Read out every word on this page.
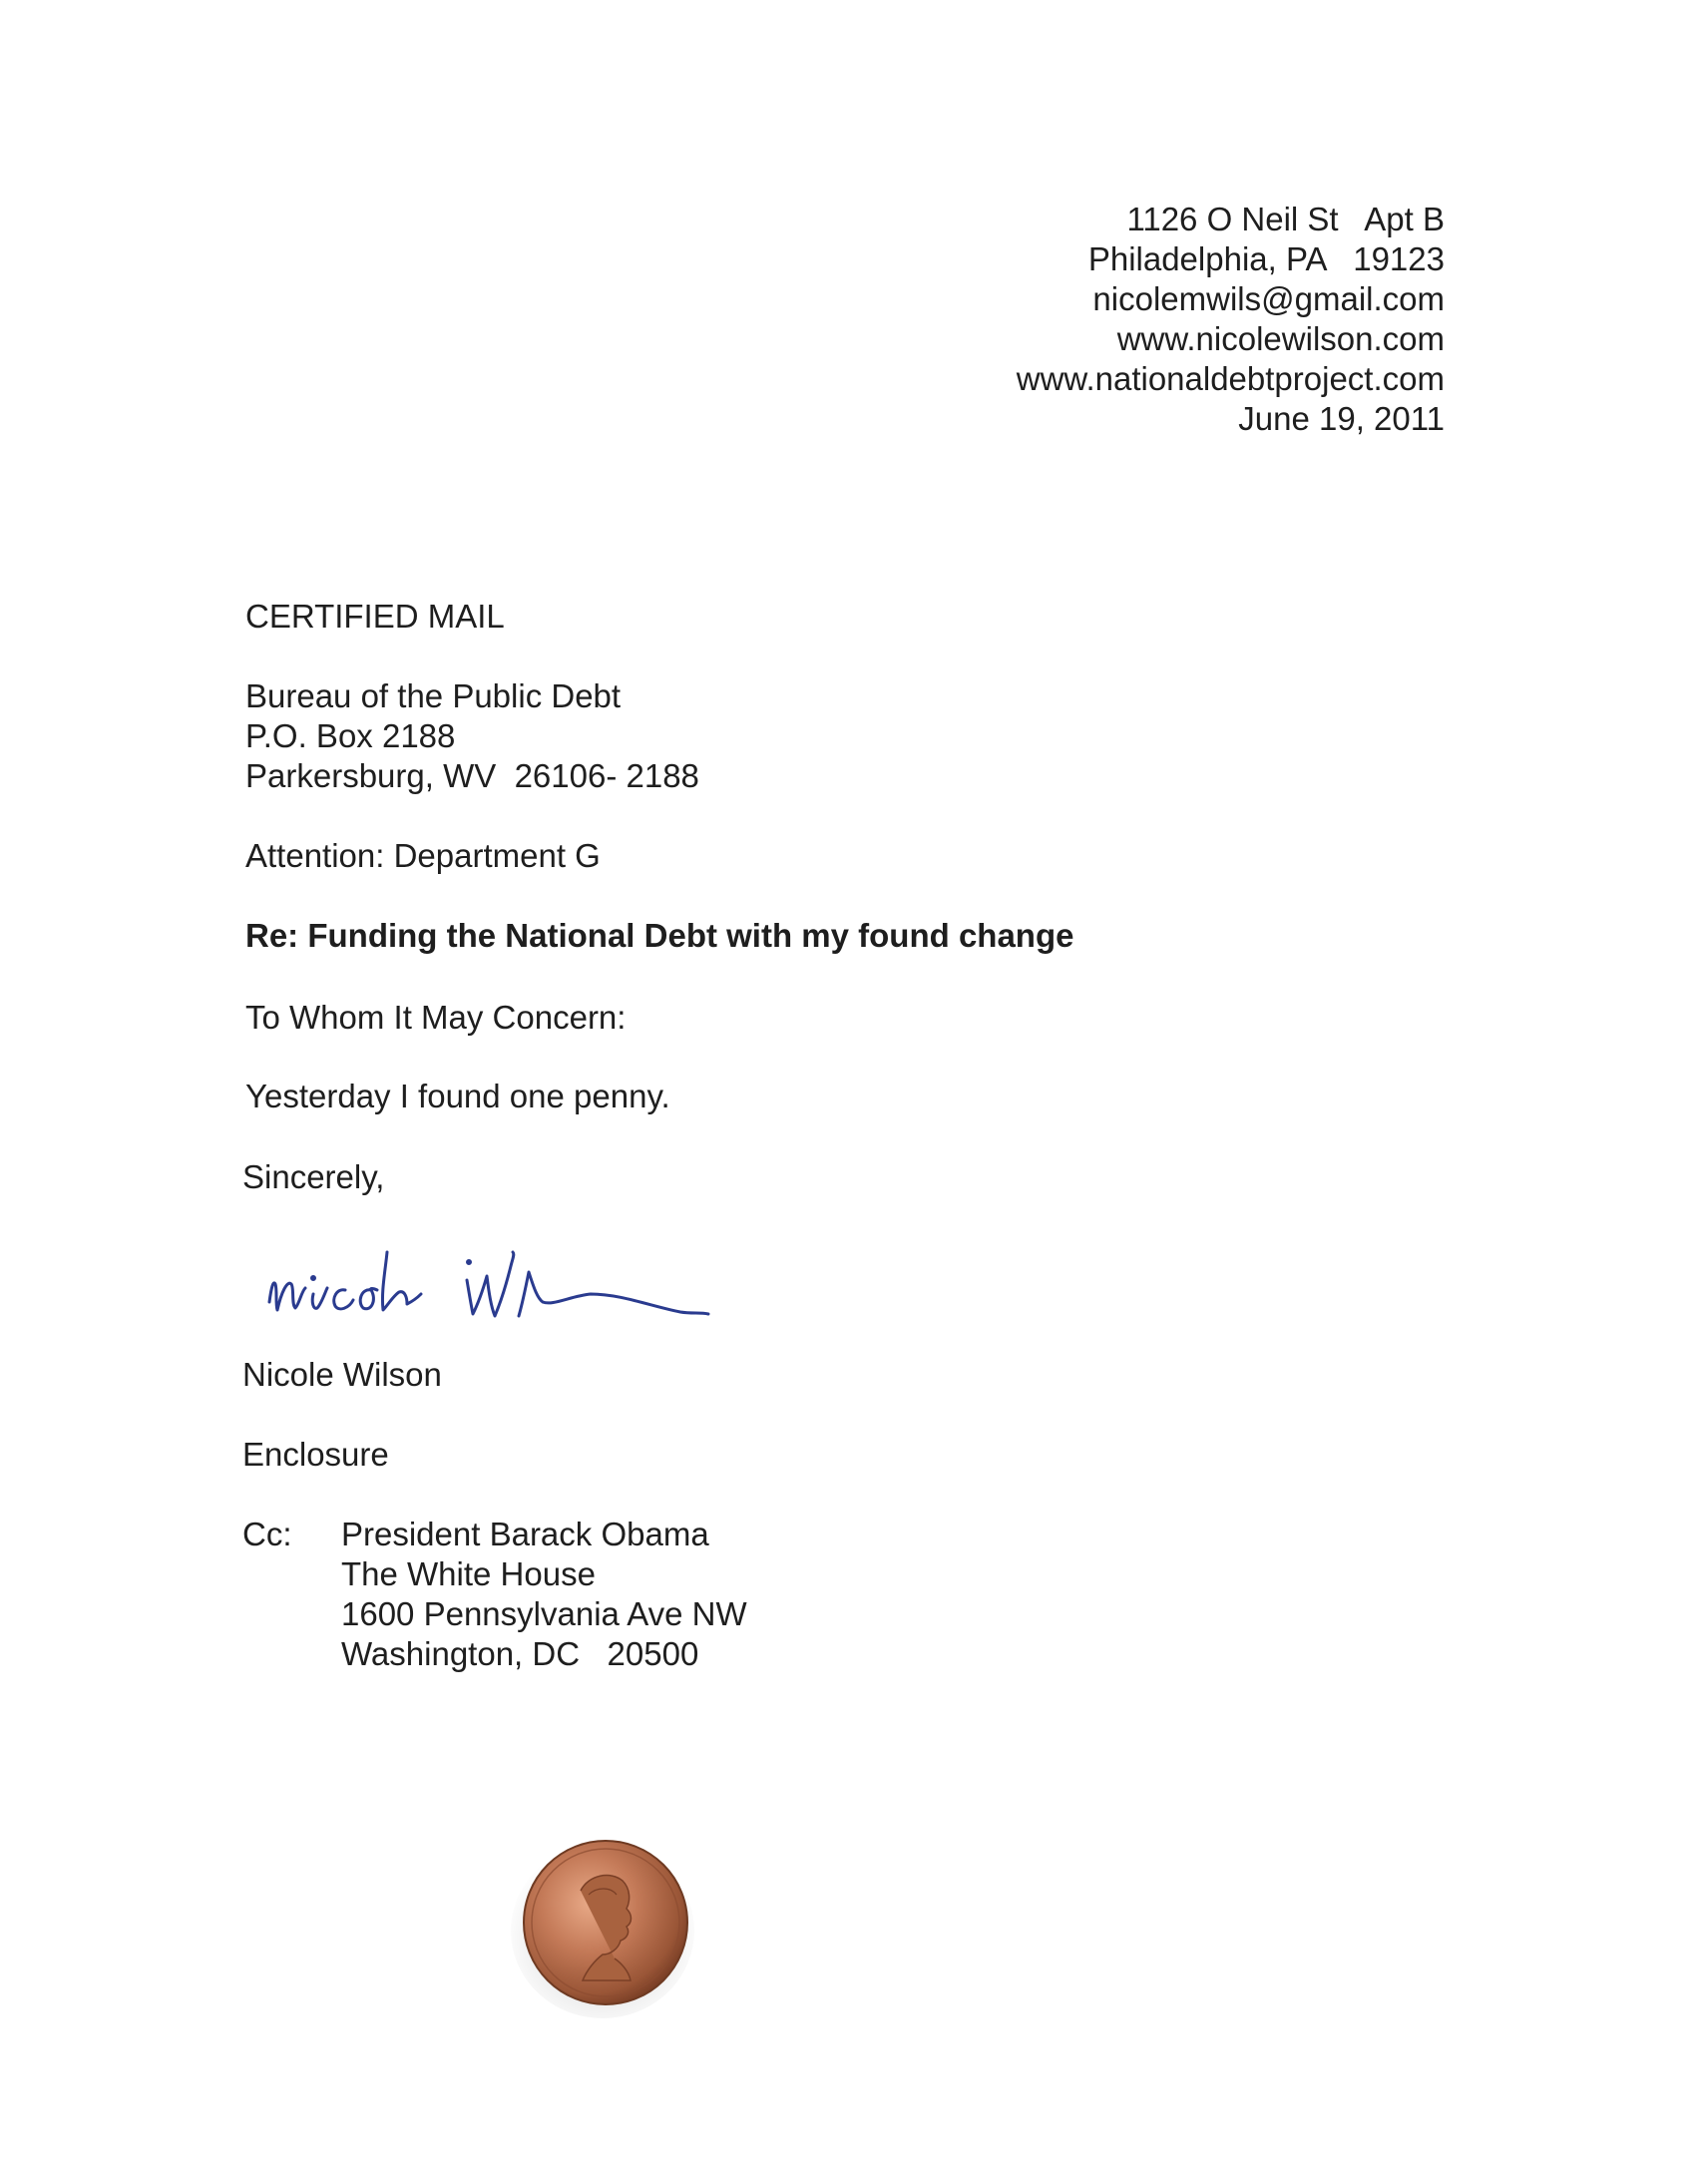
1126 O Neil St   Apt B
Philadelphia, PA   19123
nicolemwils@gmail.com
www.nicolewilson.com
www.nationaldebtproject.com
June 19, 2011
CERTIFIED MAIL
Bureau of the Public Debt
P.O. Box 2188
Parkersburg, WV  26106- 2188
Attention: Department G
Re: Funding the National Debt with my found change
To Whom It May Concern:
Yesterday I found one penny.
Sincerely,
Nicole Wilson
Enclosure
Cc: President Barack Obama
The White House
1600 Pennsylvania Ave NW
Washington, DC   20500
